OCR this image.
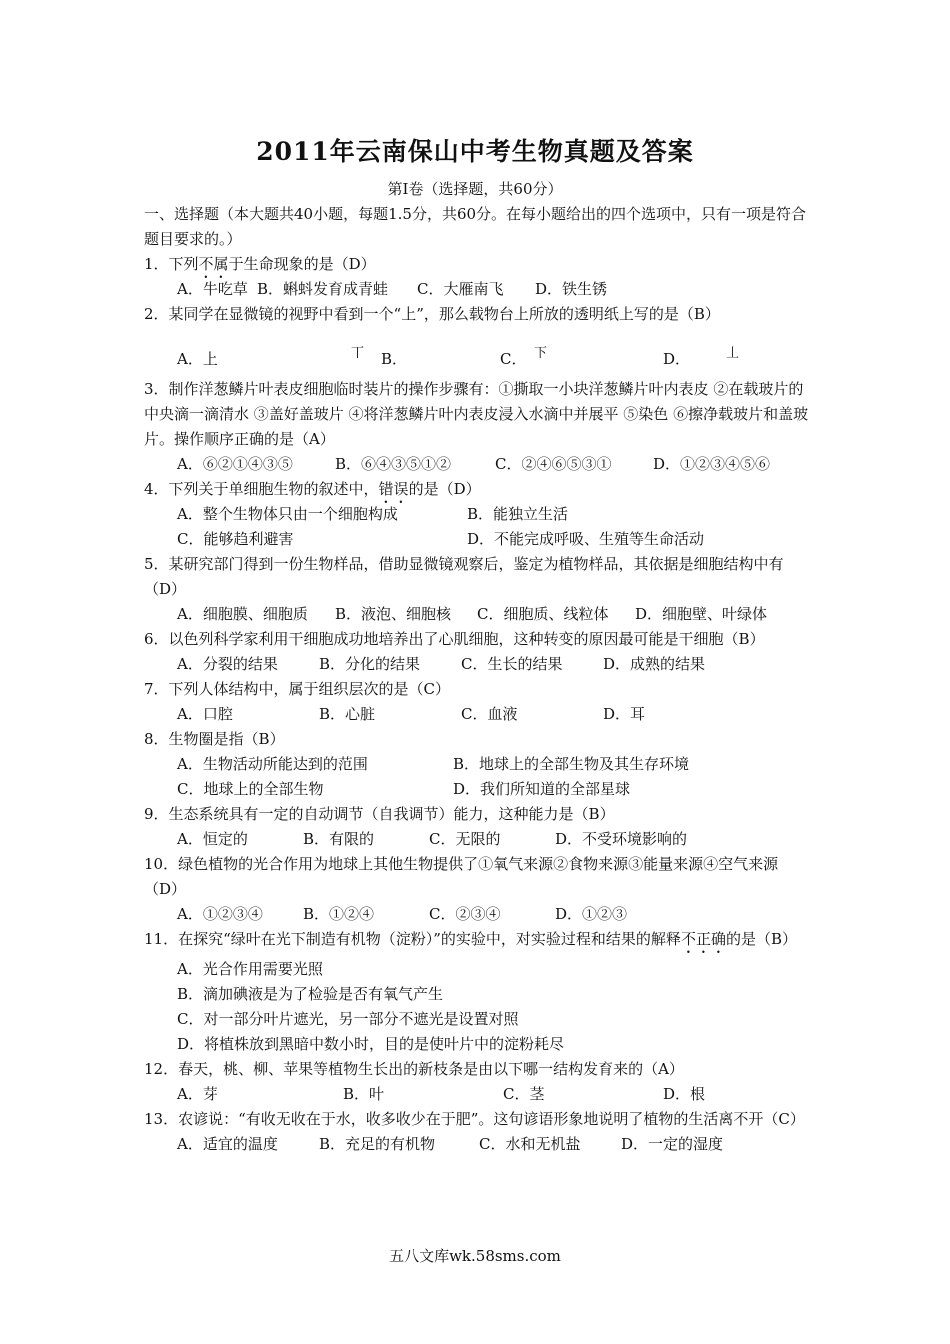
2011年云南保山中考生物真题及答案
第Ⅰ卷（选择题，共60分）
一、选择题（本大题共40小题，每题1.5分，共60分。在每小题给出的四个选项中，只有一项是符合题目要求的。）
1．下列不属于生命现象的是（D）
A．牛吃草 B．蝌蚪发育成青蛙 C．大雁南飞 D．铁生锈
2．某同学在显微镜的视野中看到一个“上”，那么载物台上所放的透明纸上写的是（B）
A．上	丅 B．	C． 下	D．	丄
3．制作洋葱鳞片叶表皮细胞临时装片的操作步骤有：①撕取一小块洋葱鳞片叶内表皮 ②在载玻片的中央滴一滴清水 ③盖好盖玻片 ④将洋葱鳞片叶内表皮浸入水滴中并展平 ⑤染色 ⑥擦净载玻片和盖玻片。操作顺序正确的是（A）
A．⑥②①④③⑤	B．⑥④③⑤①②	C．②④⑥⑤③①	D．①②③④⑤⑥
4．下列关于单细胞生物的叙述中，错误的是（D）
A．整个生物体只由一个细胞构成	B．能独立生活
C．能够趋利避害	D．不能完成呼吸、生殖等生命活动
5．某研究部门得到一份生物样品，借助显微镜观察后，鉴定为植物样品，其依据是细胞结构中有（D）
A．细胞膜、细胞质 B．液泡、细胞核 C．细胞质、线粒体 D．细胞壁、叶绿体
6．以色列科学家利用干细胞成功地培养出了心肌细胞，这种转变的原因最可能是干细胞（B）
A．分裂的结果	B．分化的结果	C．生长的结果	D．成熟的结果
7．下列人体结构中，属于组织层次的是（C）
A．口腔	B．心脏	C．血液	D．耳
8．生物圈是指（B）
A．生物活动所能达到的范围	B．地球上的全部生物及其生存环境
C．地球上的全部生物	D．我们所知道的全部星球
9．生态系统具有一定的自动调节（自我调节）能力，这种能力是（B）
A．恒定的	B．有限的	C．无限的	D．不受环境影响的
10．绿色植物的光合作用为地球上其他生物提供了①氧气来源②食物来源③能量来源④空气来源（D）
A．①②③④	B．①②④	C．②③④	D．①②③
11．在探究“绿叶在光下制造有机物（淀粉）”的实验中，对实验过程和结果的解释不正确的是（B）
A．光合作用需要光照
B．滴加碘液是为了检验是否有氧气产生
C．对一部分叶片遮光，另一部分不遮光是设置对照
D．将植株放到黑暗中数小时，目的是使叶片中的淀粉耗尽
12．春天，桃、柳、苹果等植物生长出的新枝条是由以下哪一结构发育来的（A）
A．芽	B．叶	C．茎	D．根
13．农谚说：“有收无收在于水，收多收少在于肥”。这句谚语形象地说明了植物的生活离不开（C）
A．适宜的温度	B．充足的有机物	C．水和无机盐	D．一定的湿度
五八文库wk.58sms.com
